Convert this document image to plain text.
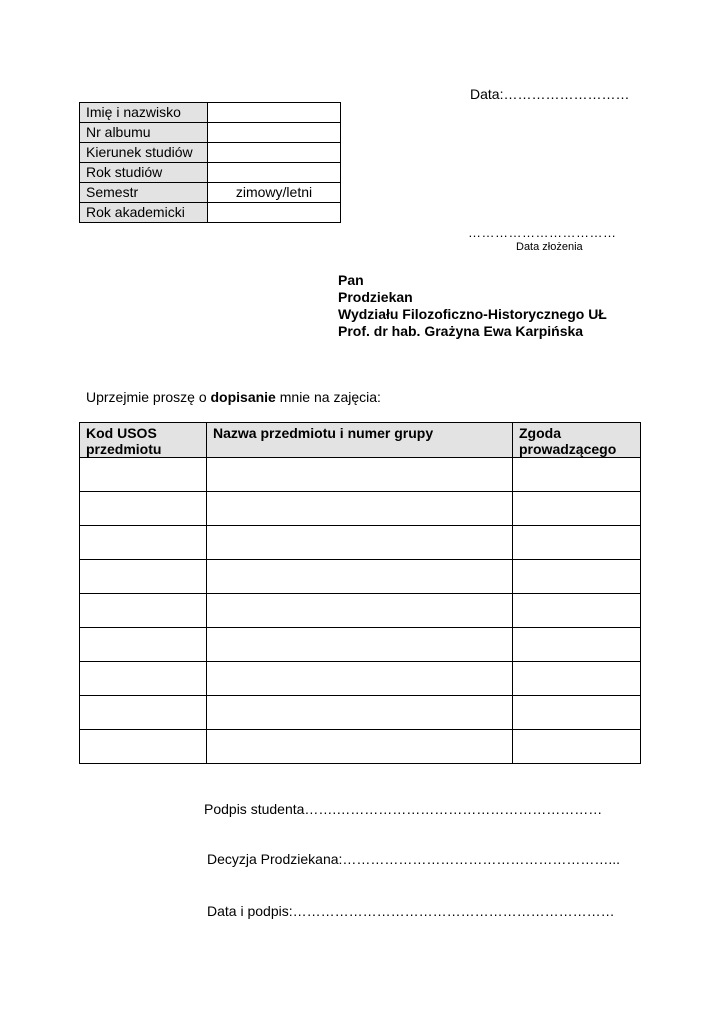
Data:………………………
Imię i nazwisko	
Nr albumu	
Kierunek studiów	
Rok studiów	
Semestr	zimowy/letni
Rok akademicki	
……………………………
Data złożenia
Pan
Prodziekan
Wydziału Filozoficzno-Historycznego UŁ
Prof. dr hab. Grażyna Ewa Karpińska
Uprzejmie proszę o dopisanie mnie na zajęcia:
Kod USOS przedmiotu	Nazwa przedmiotu i numer grupy	Zgoda prowadzącego

Podpis studenta…….…………………………………………………
Decyzja Prodziekana:…………………………………………………...
Data i podpis:……………………………………………………………
